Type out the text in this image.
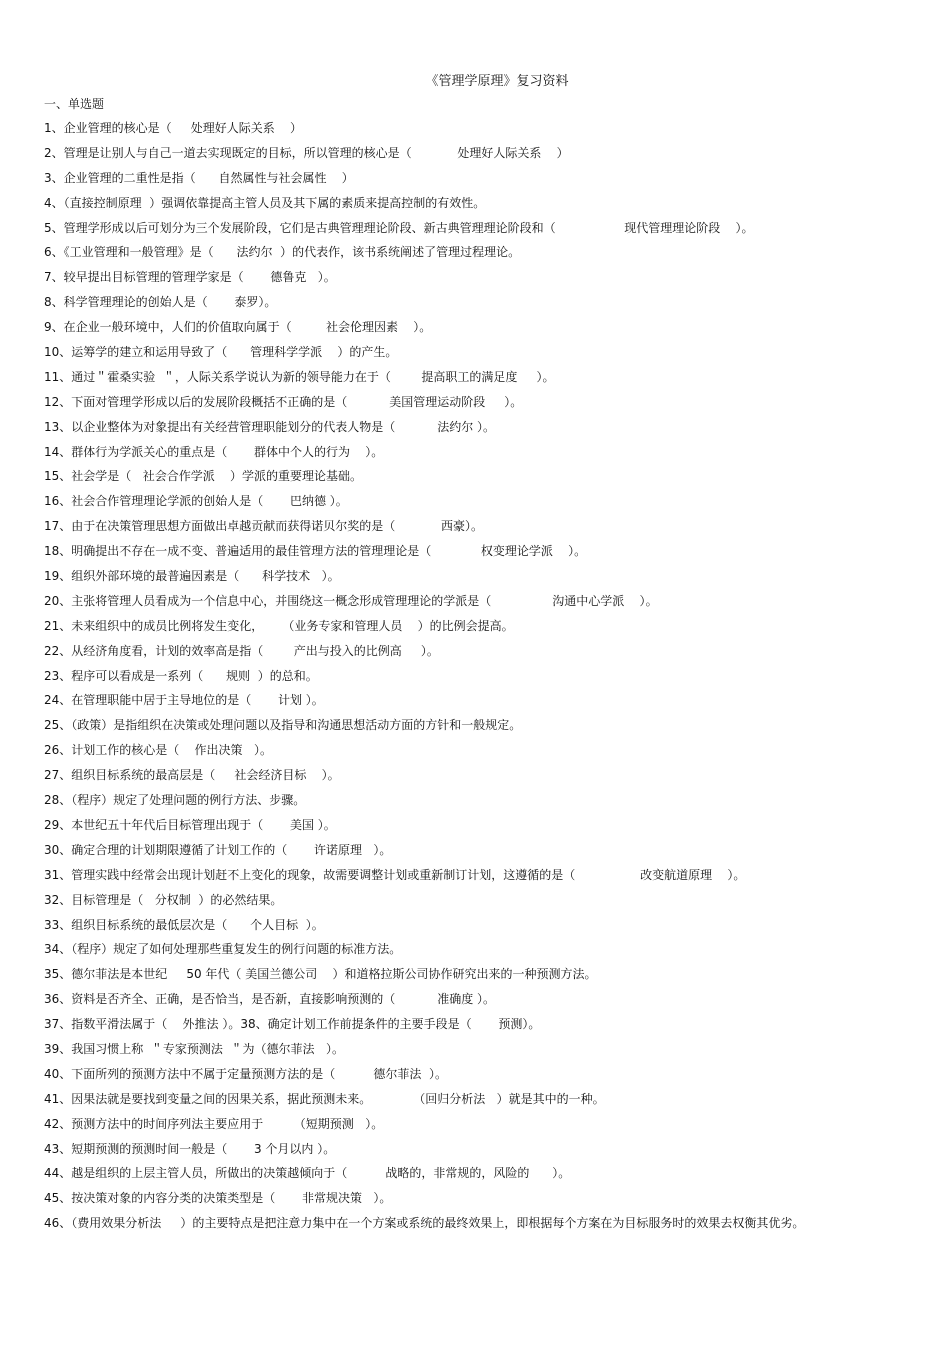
《管理学原理》复习资料
一、单选题
1、企业管理的核心是（     处理好人际关系    ）
2、管理是让别人与自己一道去实现既定的目标，所以管理的核心是（            处理好人际关系    ）
3、企业管理的二重性是指（      自然属性与社会属性    ）
4、（直接控制原理  ）强调依靠提高主管人员及其下属的素质来提高控制的有效性。
5、管理学形成以后可划分为三个发展阶段，它们是古典管理理论阶段、新古典管理理论阶段和（                  现代管理理论阶段    ）。
6、《工业管理和一般管理》是（      法约尔  ）的代表作，该书系统阐述了管理过程理论。
7、较早提出目标管理的管理学家是（       德鲁克   ）。
8、科学管理理论的创始人是（       泰罗）。
9、在企业一般环境中，人们的价值取向属于（         社会伦理因素    ）。
10、运筹学的建立和运用导致了（      管理科学学派    ）的产生。
11、通过＂霍桑实验  ＂，人际关系学说认为新的领导能力在于（        提高职工的满足度     ）。
12、下面对管理学形成以后的发展阶段概括不正确的是（           美国管理运动阶段     ）。
13、以企业整体为对象提出有关经营管理职能划分的代表人物是（           法约尔 ）。
14、群体行为学派关心的重点是（       群体中个人的行为    ）。
15、社会学是（   社会合作学派    ）学派的重要理论基础。
16、社会合作管理理论学派的创始人是（       巴纳德 ）。
17、由于在决策管理思想方面做出卓越贡献而获得诺贝尔奖的是（            西豪）。
18、明确提出不存在一成不变、普遍适用的最佳管理方法的管理理论是（             权变理论学派    ）。
19、组织外部环境的最普遍因素是（      科学技术   ）。
20、主张将管理人员看成为一个信息中心，并围绕这一概念形成管理理论的学派是（                沟通中心学派    ）。
21、未来组织中的成员比例将发生变化，     （业务专家和管理人员    ）的比例会提高。
22、从经济角度看，计划的效率高是指（        产出与投入的比例高     ）。
23、程序可以看成是一系列（      规则  ）的总和。
24、在管理职能中居于主导地位的是（       计划 ）。
25、（政策）是指组织在决策或处理问题以及指导和沟通思想活动方面的方针和一般规定。
26、计划工作的核心是（    作出决策   ）。
27、组织目标系统的最高层是（     社会经济目标    ）。
28、（程序）规定了处理问题的例行方法、步骤。
29、本世纪五十年代后目标管理出现于（       美国 ）。
30、确定合理的计划期限遵循了计划工作的（       许诺原理   ）。
31、管理实践中经常会出现计划赶不上变化的现象，故需要调整计划或重新制订计划，这遵循的是（                 改变航道原理    ）。
32、目标管理是（   分权制  ）的必然结果。
33、组织目标系统的最低层次是（      个人目标  ）。
34、（程序）规定了如何处理那些重复发生的例行问题的标准方法。
35、德尔菲法是本世纪     50 年代（ 美国兰德公司    ）和道格拉斯公司协作研究出来的一种预测方法。
36、资料是否齐全、正确，是否恰当，是否新，直接影响预测的（           准确度 ）。
37、指数平滑法属于（    外推法 ）。38、确定计划工作前提条件的主要手段是（       预测）。
39、我国习惯上称  ＂专家预测法  ＂为（德尔菲法   ）。
40、下面所列的预测方法中不属于定量预测方法的是（          德尔菲法  ）。
41、因果法就是要找到变量之间的因果关系，据此预测未来。           （回归分析法   ）就是其中的一种。
42、预测方法中的时间序列法主要应用于        （短期预测   ）。
43、短期预测的预测时间一般是（       3 个月以内 ）。
44、越是组织的上层主管人员，所做出的决策越倾向于（          战略的，非常规的，风险的      ）。
45、按决策对象的内容分类的决策类型是（       非常规决策   ）。
46、（费用效果分析法     ）的主要特点是把注意力集中在一个方案或系统的最终效果上，即根据每个方案在为目标服务时的效果去权衡其优劣。
